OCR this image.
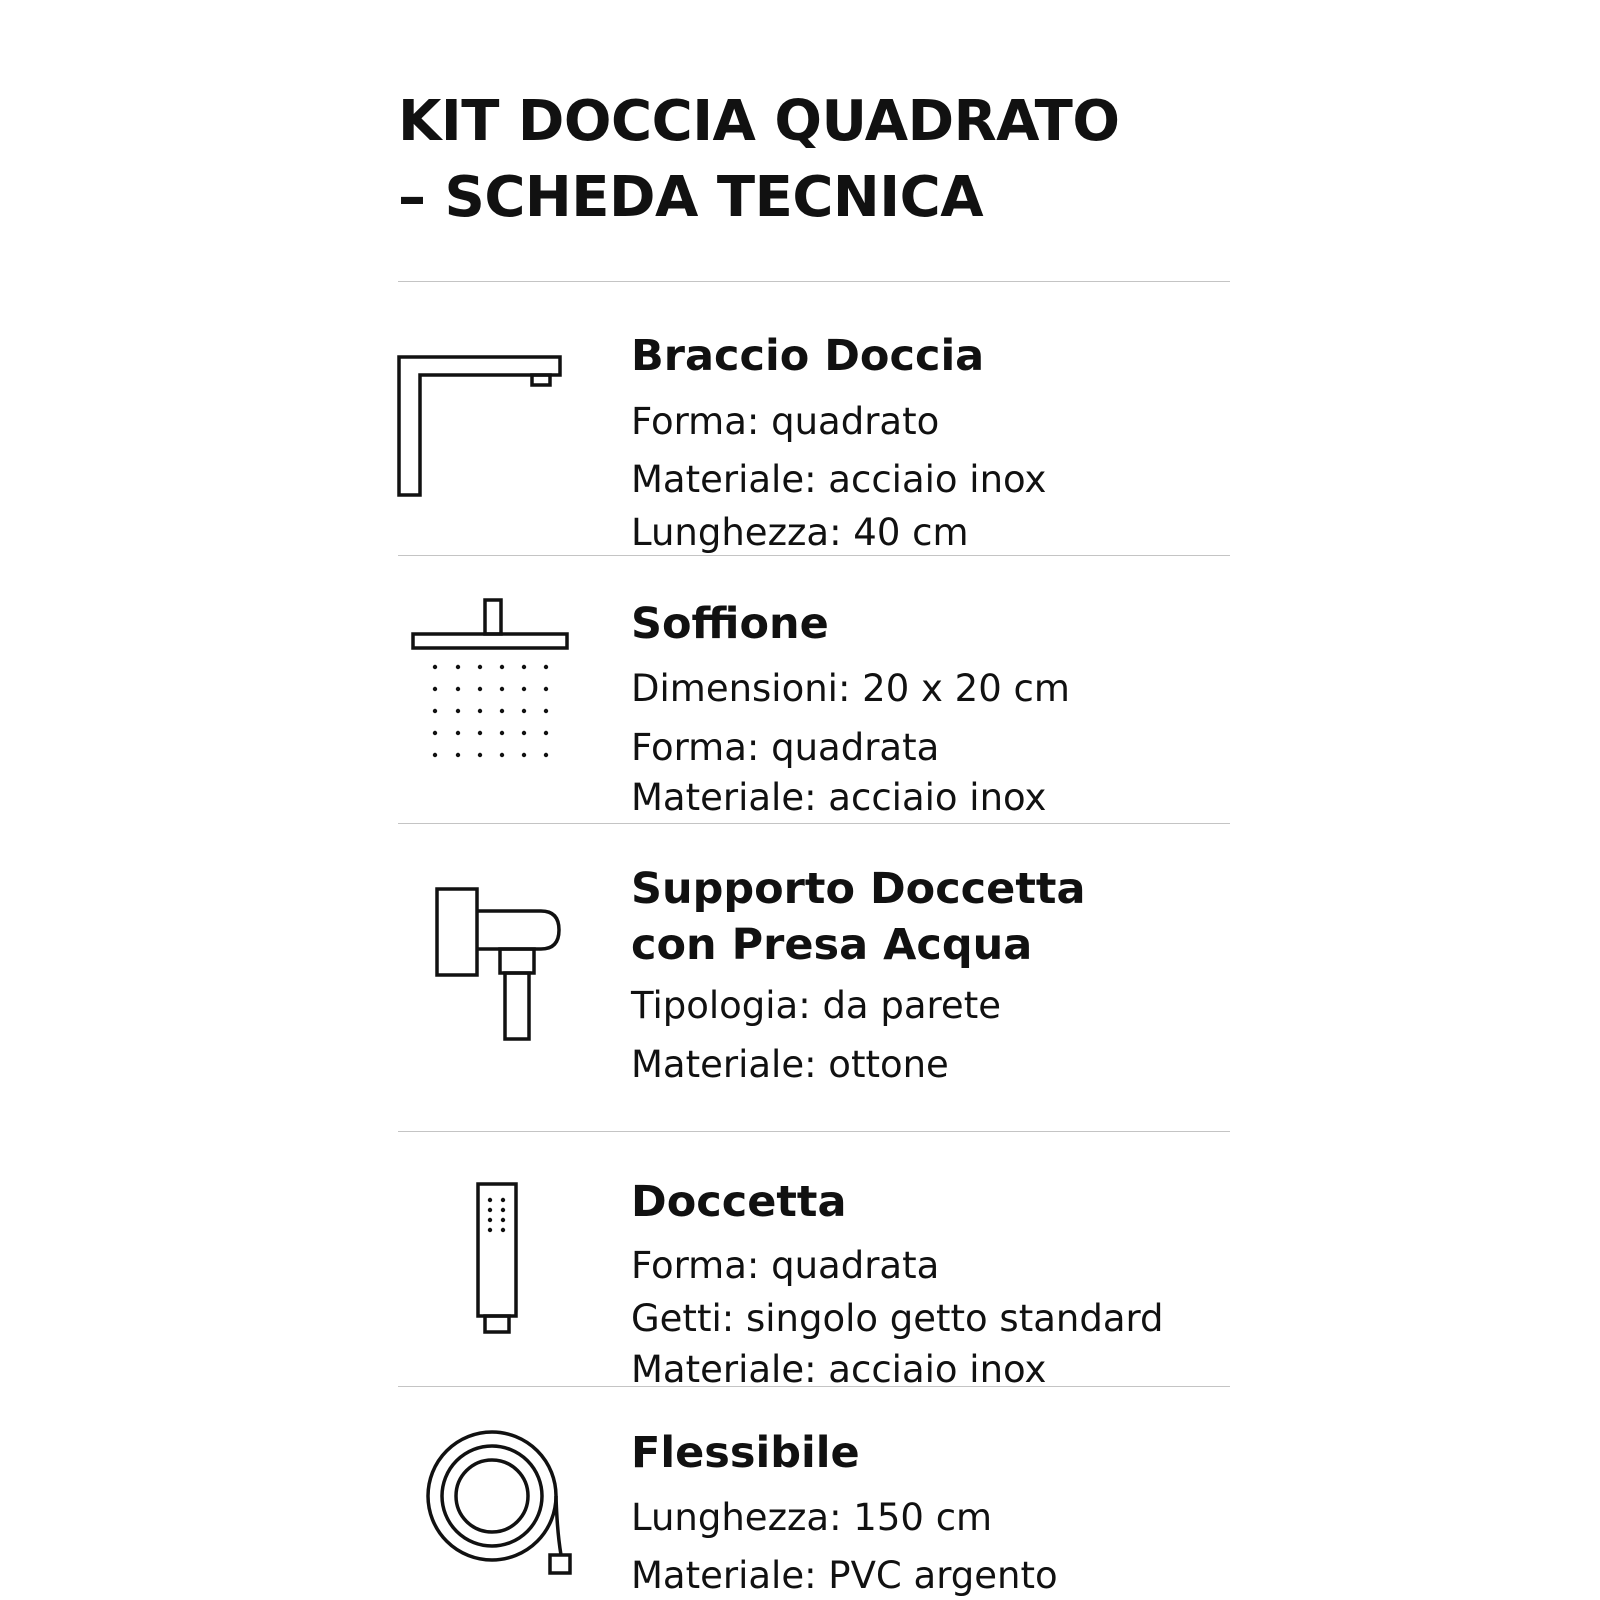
KIT DOCCIA QUADRATO
– SCHEDA TECNICA
Braccio Doccia

Forma: quadrato

Materiale: acciaio inox

Lunghezza: 40 cm

Soffione

Dimensioni: 20 x 20 cm

Forma: quadrata

Materiale: acciaio inox

Supporto Doccetta
con Presa Acqua

Tipologia: da parete

Materiale: ottone

Doccetta

Forma: quadrata

Getti: singolo getto standard

Materiale: acciaio inox

Flessibile

Lunghezza: 150 cm

Materiale: PVC argento
